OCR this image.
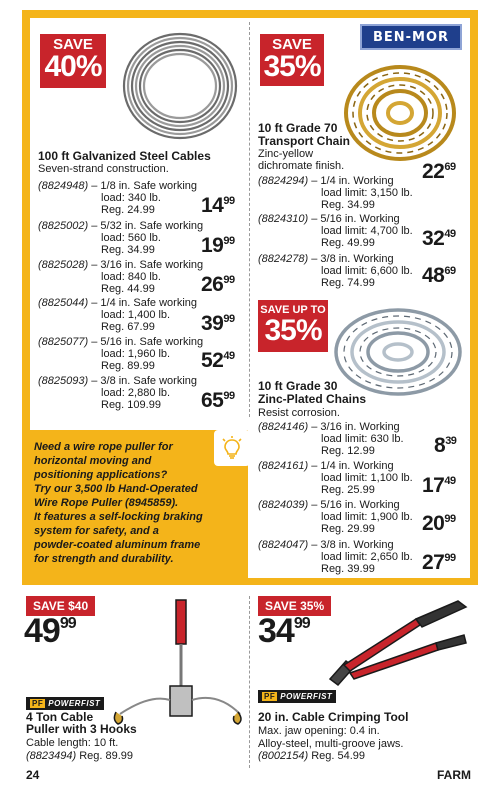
SAVE
40%
100 ft Galvanized Steel Cables
Seven-strand construction.
(8824948) – 1/8 in. Safe working
load: 340 lb.
Reg. 24.99	$14^{99}$
(8825002) – 5/32 in. Safe working
load: 560 lb.
Reg. 34.99	$19^{99}$
(8825028) – 3/16 in. Safe working
load: 840 lb.
Reg. 44.99	$26^{99}$
(8825044) – 1/4 in. Safe working
load: 1,400 lb.
Reg. 67.99	$39^{99}$
(8825077) – 5/16 in. Safe working
load: 1,960 lb.
Reg. 89.99	$52^{49}$
(8825093) – 3/8 in. Safe working
load: 2,880 lb.
Reg. 109.99	$65^{99}$
SAVE
35%
BEN-MOR
10 ft Grade 70
Transport Chain
Zinc-yellow
dichromate finish.
(8824294) – 1/4 in. Working
load limit: 3,150 lb.
Reg. 34.99
$22^{69}$
(8824310) – 5/16 in. Working
load limit: 4,700 lb.
Reg. 49.99	$32^{49}$
(8824278) – 3/8 in. Working
load limit: 6,600 lb.
Reg. 74.99	$48^{69}$
SAVE UP TO
35%
10 ft Grade 30
Zinc-Plated Chains
Resist corrosion.
(8824146) – 3/16 in. Working
load limit: 630 lb.
Reg. 12.99	$8^{39}$
(8824161) – 1/4 in. Working
load limit: 1,100 lb.
Reg. 25.99	$17^{49}$
(8824039) – 5/16 in. Working
load limit: 1,900 lb.
Reg. 29.99	$20^{99}$
(8824047) – 3/8 in. Working
load limit: 2,650 lb.
Reg. 39.99	$27^{99}$
Need a wire rope puller for
horizontal moving and
positioning applications?
Try our 3,500 lb Hand-Operated
Wire Rope Puller (8945859).
It features a self-locking braking
system for safety, and a
powder-coated aluminum frame
for strength and durability.
SAVE $40
$49^{99}$
PF POWERFIST
4 Ton Cable
Puller with 3 Hooks
Cable length: 10 ft.
(8823494) Reg. 89.99
SAVE 35%
$34^{99}$
PF POWERFIST
20 in. Cable Crimping Tool
Max. jaw opening: 0.4 in.
Alloy-steel, multi-groove jaws.
(8002154) Reg. 54.99
24	FARM
